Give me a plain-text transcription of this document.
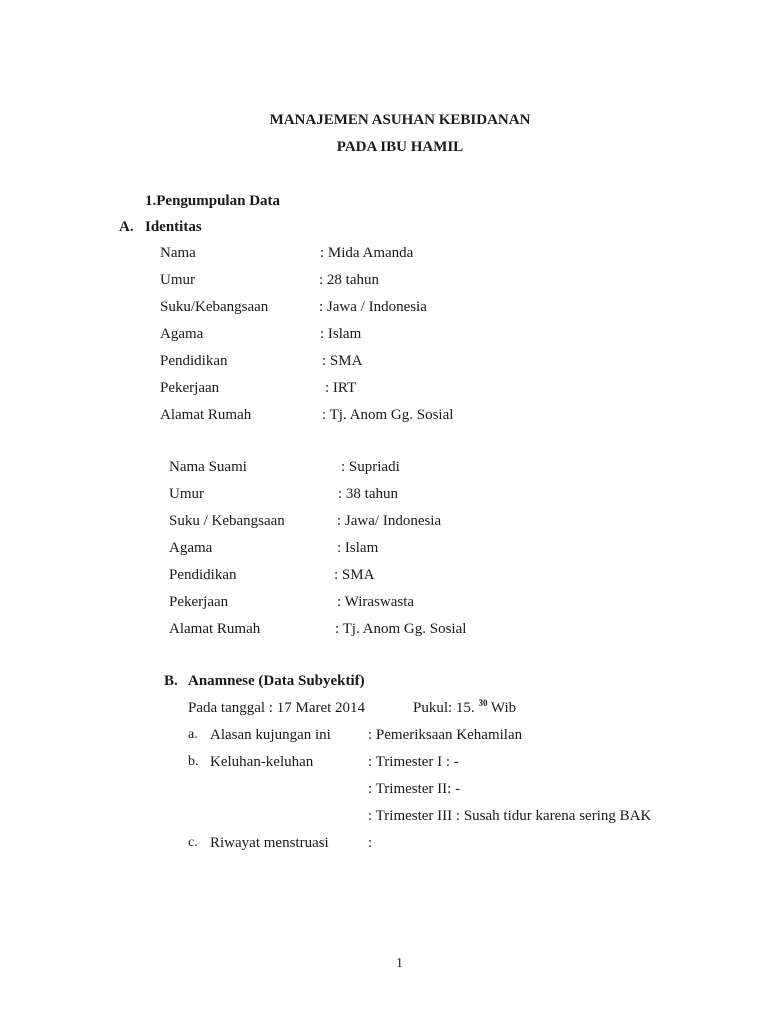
MANAJEMEN ASUHAN KEBIDANAN
PADA IBU HAMIL
1.Pengumpulan Data
A. Identitas
Nama	: Mida Amanda
Umur	: 28 tahun
Suku/Kebangsaan	: Jawa / Indonesia
Agama	: Islam
Pendidikan	: SMA
Pekerjaan	: IRT
Alamat Rumah	: Tj. Anom Gg. Sosial
Nama Suami	: Supriadi
Umur	: 38 tahun
Suku / Kebangsaan	: Jawa/ Indonesia
Agama	: Islam
Pendidikan	: SMA
Pekerjaan	: Wiraswasta
Alamat Rumah	: Tj. Anom Gg. Sosial
B. Anamnese (Data Subyektif)
Pada tanggal : 17 Maret 2014	Pukul: 15. $^{30}$ Wib
a. Alasan kujungan ini : Pemeriksaan Kehamilan
b. Keluhan-keluhan	: Trimester I : -
: Trimester II: -
: Trimester III : Susah tidur karena sering BAK
c. Riwayat menstruasi	:
1
